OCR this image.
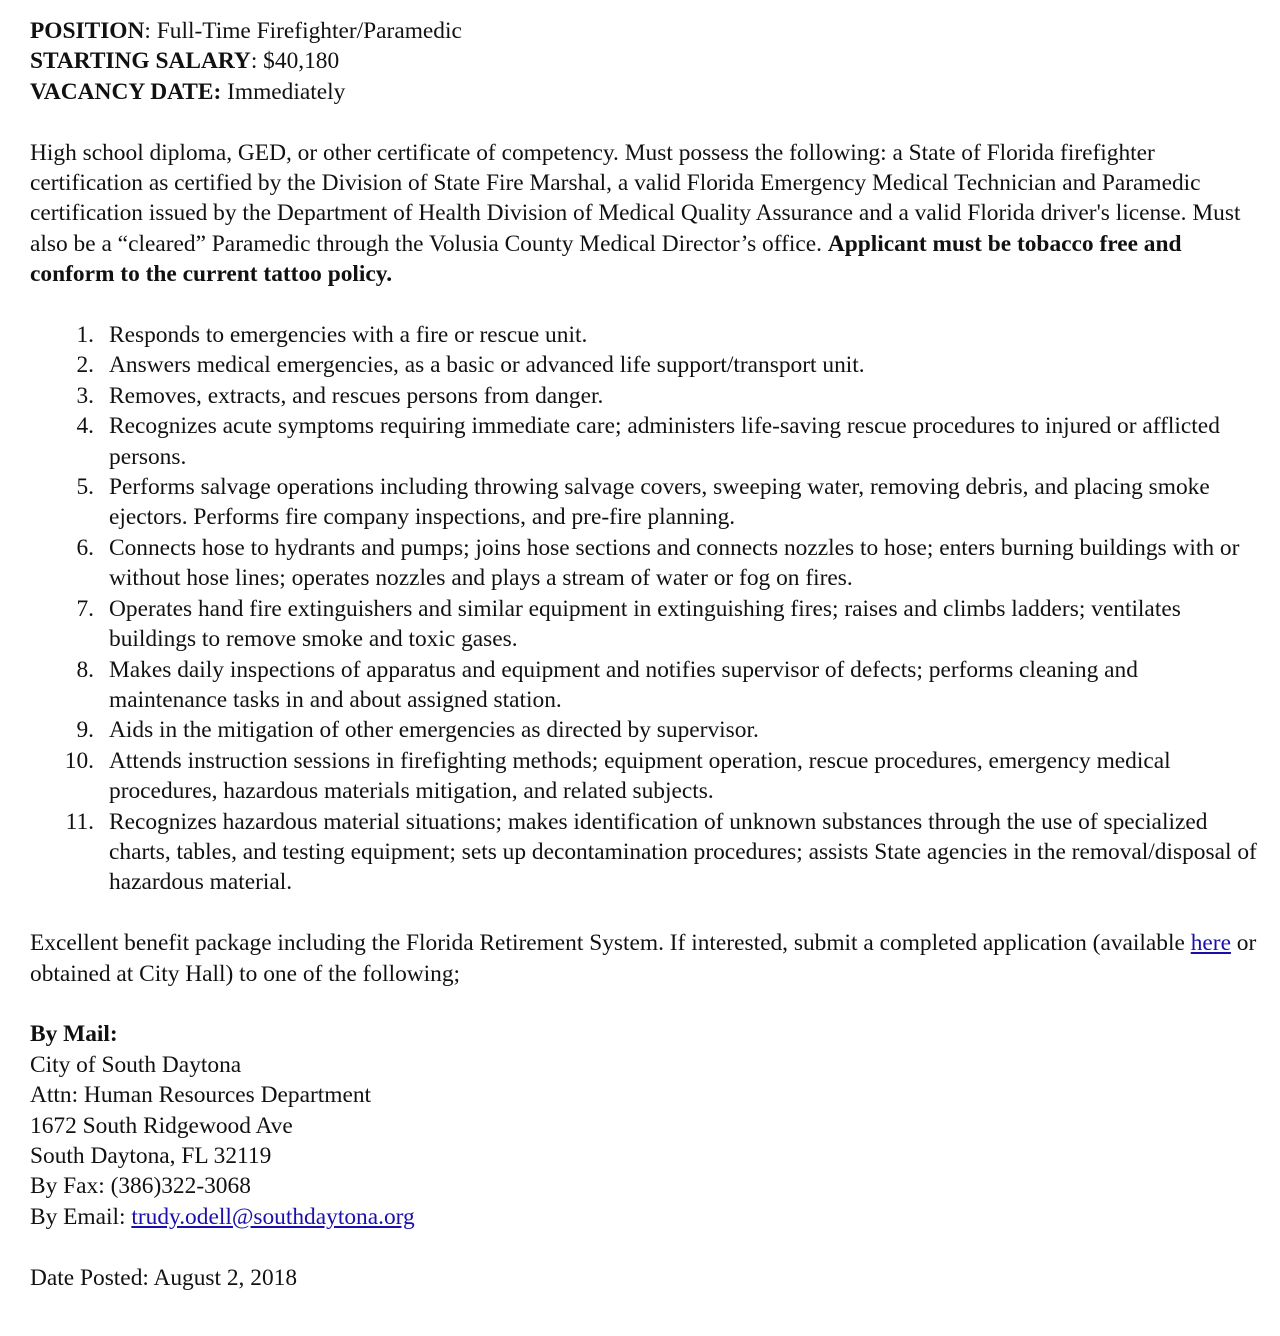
POSITION: Full-Time Firefighter/Paramedic

STARTING SALARY: $40,180

VACANCY DATE: Immediately

High school diploma, GED, or other certificate of competency. Must possess the following: a State of Florida firefighter certification as certified by the Division of State Fire Marshal, a valid Florida Emergency Medical Technician and Paramedic certification issued by the Department of Health Division of Medical Quality Assurance and a valid Florida driver's license. Must also be a “cleared” Paramedic through the Volusia County Medical Director’s office. Applicant must be tobacco free and conform to the current tattoo policy.

1. Responds to emergencies with a fire or rescue unit.
2. Answers medical emergencies, as a basic or advanced life support/transport unit.
3. Removes, extracts, and rescues persons from danger.
4. Recognizes acute symptoms requiring immediate care; administers life-saving rescue procedures to injured or afflicted persons.
5. Performs salvage operations including throwing salvage covers, sweeping water, removing debris, and placing smoke ejectors. Performs fire company inspections, and pre-fire planning.
6. Connects hose to hydrants and pumps; joins hose sections and connects nozzles to hose; enters burning buildings with or without hose lines; operates nozzles and plays a stream of water or fog on fires.
7. Operates hand fire extinguishers and similar equipment in extinguishing fires; raises and climbs ladders; ventilates buildings to remove smoke and toxic gases.
8. Makes daily inspections of apparatus and equipment and notifies supervisor of defects; performs cleaning and maintenance tasks in and about assigned station.
9. Aids in the mitigation of other emergencies as directed by supervisor.
10. Attends instruction sessions in firefighting methods; equipment operation, rescue procedures, emergency medical procedures, hazardous materials mitigation, and related subjects.
11. Recognizes hazardous material situations; makes identification of unknown substances through the use of specialized charts, tables, and testing equipment; sets up decontamination procedures; assists State agencies in the removal/disposal of hazardous material.

Excellent benefit package including the Florida Retirement System. If interested, submit a completed application (available here or obtained at City Hall) to one of the following;

By Mail:

City of South Daytona

Attn: Human Resources Department

1672 South Ridgewood Ave

South Daytona, FL 32119

By Fax: (386)322-3068

By Email: trudy.odell@southdaytona.org

Date Posted: August 2, 2018
